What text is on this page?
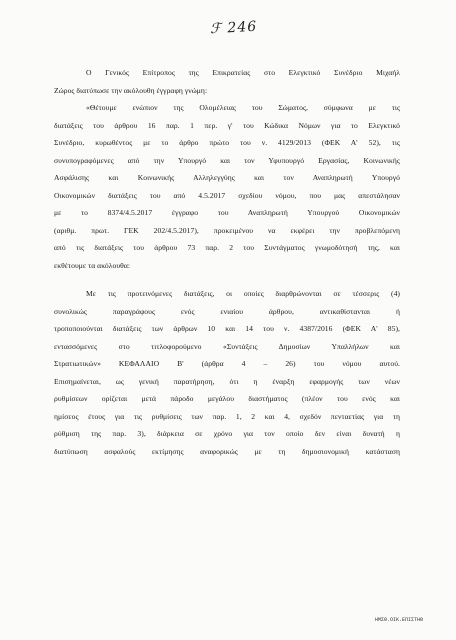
ℱ 246
Ο Γενικός Επίτροπος της Επικρατείας στο Ελεγκτικό Συνέδριο Μιχαήλ
Ζώρος διατύπωσε την ακόλουθη έγγραφη γνώμη:
«Θέτουμε ενώπιον της Ολομέλειας του Σώματος, σύμφωνα με τις
διατάξεις του άρθρου 16 παρ. 1 περ. γ' του Κώδικα Νόμων για το Ελεγκτικό
Συνέδριο, κυρωθέντος με το άρθρο πρώτο του ν. 4129/2013 (ΦΕΚ Α' 52), τις
συνυπογραφόμενες από την Υπουργό και τον Υφυπουργό Εργασίας, Κοινωνικής
Ασφάλισης και Κοινωνικής Αλληλεγγύης και τον Αναπληρωτή Υπουργό
Οικονομικών διατάξεις του από 4.5.2017 σχεδίου νόμου, που μας απεστάλησαν
με το 8374/4.5.2017 έγγραφο του Αναπληρωτή Υπουργού Οικονομικών
(αριθμ. πρωτ. ΓΕΚ 202/4.5.2017), προκειμένου να εκφέρει την προβλεπόμενη
από τις διατάξεις του άρθρου 73 παρ. 2 του Συντάγματος γνωμοδότησή της, και
εκθέτουμε τα ακόλουθα:
Με τις προτεινόμενες διατάξεις, οι οποίες διαρθρώνονται σε τέσσερις (4)
συνολικώς παραγράφους ενός ενιαίου άρθρου, αντικαθίστανται ή
τροποποιούνται διατάξεις των άρθρων 10 και 14 του ν. 4387/2016 (ΦΕΚ Α' 85),
εντασσόμενες στο τιτλοφορούμενο «Συντάξεις Δημοσίων Υπαλλήλων και
Στρατιωτικών» ΚΕΦΑΛΑΙΟ Β' (άρθρα 4 – 26) του νόμου αυτού.
Επισημαίνεται, ως γενική παρατήρηση, ότι η έναρξη εφαρμογής των νέων
ρυθμίσεων ορίζεται μετά πάροδο μεγάλου διαστήματος (πλέον του ενός και
ημίσεος έτους για τις ρυθμίσεις των παρ. 1, 2 και 4, σχεδόν πενταετίας για τη
ρύθμιση της παρ. 3), διάρκεια σε χρόνο για τον οποίο δεν είναι δυνατή η
διατύπωση ασφαλούς εκτίμησης αναφορικώς με τη δημοσιονομική κατάσταση
ΗΜΣΘ.ΟΙΚ.ΕΠΙΣΤΗΘ
